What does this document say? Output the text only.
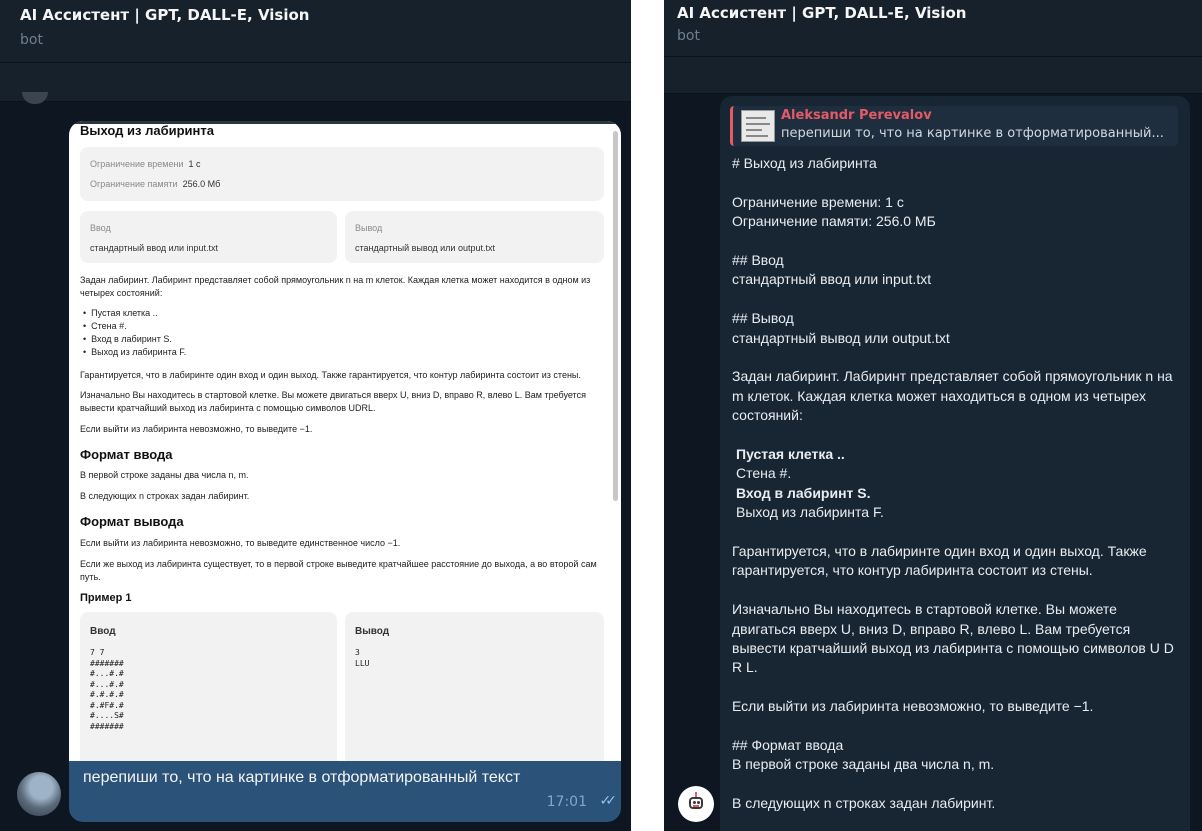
AI Ассистент | GPT, DALL-E, Vision
bot
Выход из лабиринта
Ограничение времени 1 с
Ограничение памяти 256.0 Мб
Ввод
стандартный ввод или input.txt
Вывод
стандартный вывод или output.txt
Задан лабиринт. Лабиринт представляет собой прямоугольник n на m клеток. Каждая клетка может находится в одном из четырех состояний:
•  Пустая клетка ..
•  Стена #.
•  Вход в лабиринт S.
•  Выход из лабиринта F.
Гарантируется, что в лабиринте один вход и один выход. Также гарантируется, что контур лабиринта состоит из стены.
Изначально Вы находитесь в стартовой клетке. Вы можете двигаться вверх U, вниз D, вправо R, влево L. Вам требуется вывести кратчайший выход из лабиринта с помощью символов UDRL.
Если выйти из лабиринта невозможно, то выведите −1.
Формат ввода
В первой строке заданы два числа n, m.
В следующих n строках задан лабиринт.
Формат вывода
Если выйти из лабиринта невозможно, то выведите единственное число −1.
Если же выход из лабиринта существует, то в первой строке выведите кратчайшее расстояние до выхода, а во второй сам путь.
Пример 1
Ввод
7 7
#######
#...#.#
#...#.#
#.#.#.#
#.#F#.#
#....S#
#######
Вывод
3
LLU
перепиши то, что на картинке в отформатированный текст
17:01 ✓✓
AI Ассистент | GPT, DALL-E, Vision
bot
Aleksandr Perevalov
перепиши то, что на картинке в отформатированный...

# Выход из лабиринта

Ограничение времени: 1 с
Ограничение памяти: 256.0 МБ

## Ввод
стандартный ввод или input.txt

## Вывод
стандартный вывод или output.txt

Задан лабиринт. Лабиринт представляет собой прямоугольник n на m клеток. Каждая клетка может находиться в одном из четырех состояний:

Пустая клетка ..
Стена #.
Вход в лабиринт S.
Выход из лабиринта F.

Гарантируется, что в лабиринте один вход и один выход. Также гарантируется, что контур лабиринта состоит из стены.

Изначально Вы находитесь в стартовой клетке. Вы можете двигаться вверх U, вниз D, вправо R, влево L. Вам требуется вывести кратчайший выход из лабиринта с помощью символов U D R L.

Если выйти из лабиринта невозможно, то выведите −1.

## Формат ввода
В первой строке заданы два числа n, m.

В следующих n строках задан лабиринт.
